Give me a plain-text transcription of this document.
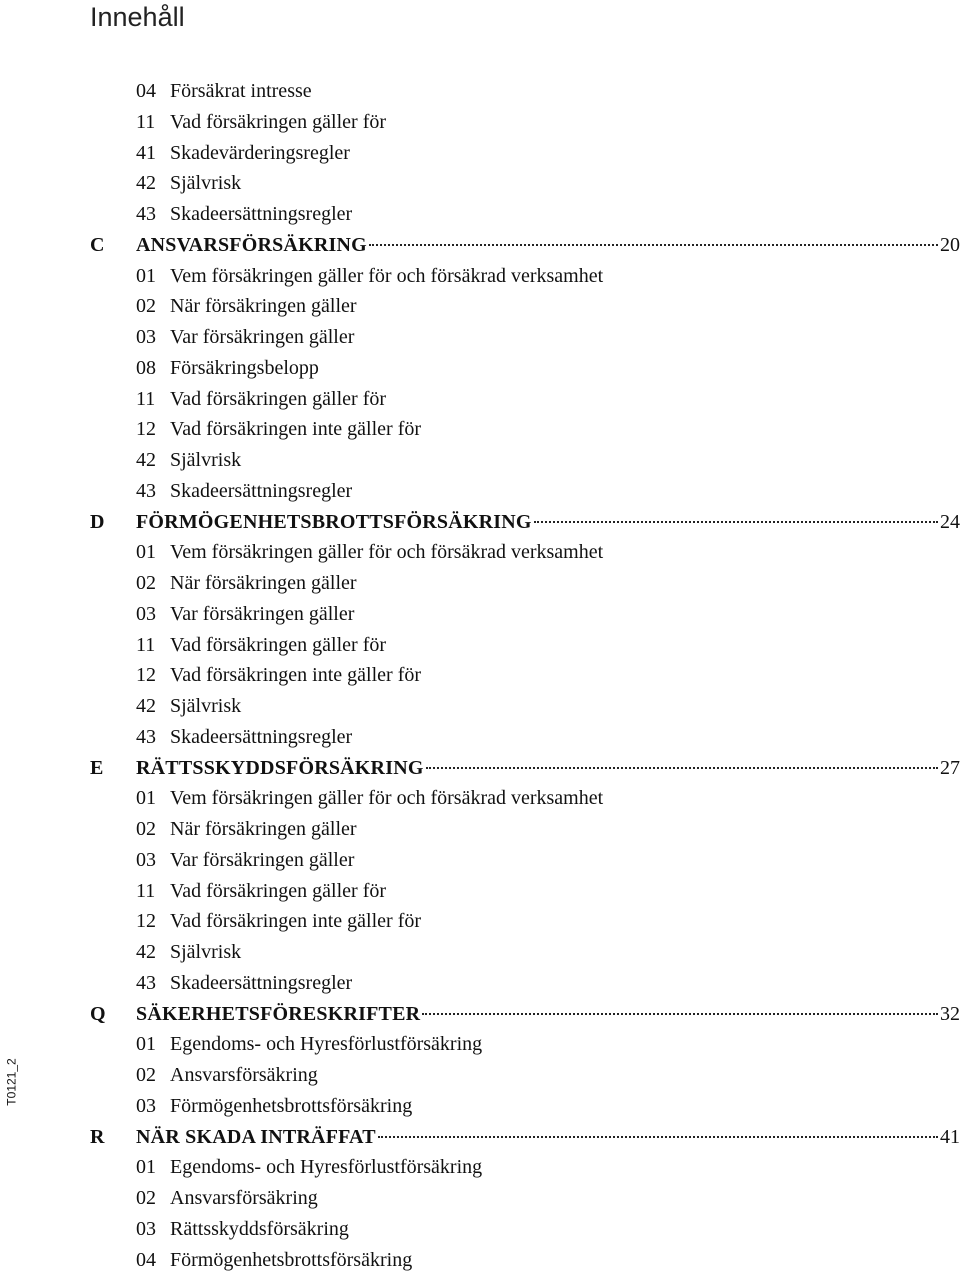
Innehåll
04 Försäkrat intresse
11 Vad försäkringen gäller för
41 Skadevärderingsregler
42 Självrisk
43 Skadeersättningsregler
C ANSVARSFÖRSÄKRING	20
01 Vem försäkringen gäller för och försäkrad verksamhet
02 När försäkringen gäller
03 Var försäkringen gäller
08 Försäkringsbelopp
11 Vad försäkringen gäller för
12 Vad försäkringen inte gäller för
42 Självrisk
43 Skadeersättningsregler
D FÖRMÖGENHETSBROTTSFÖRSÄKRING	24
01 Vem försäkringen gäller för och försäkrad verksamhet
02 När försäkringen gäller
03 Var försäkringen gäller
11 Vad försäkringen gäller för
12 Vad försäkringen inte gäller för
42 Självrisk
43 Skadeersättningsregler
E RÄTTSSKYDDSFÖRSÄKRING	27
01 Vem försäkringen gäller för och försäkrad verksamhet
02 När försäkringen gäller
03 Var försäkringen gäller
11 Vad försäkringen gäller för
12 Vad försäkringen inte gäller för
42 Självrisk
43 Skadeersättningsregler
Q SÄKERHETSFÖRESKRIFTER	32
01 Egendoms- och Hyresförlustförsäkring
02 Ansvarsförsäkring
03 Förmögenhetsbrottsförsäkring
R NÄR SKADA INTRÄFFAT	41
01 Egendoms- och Hyresförlustförsäkring
02 Ansvarsförsäkring
03 Rättsskyddsförsäkring
04 Förmögenhetsbrottsförsäkring
T0121_2
